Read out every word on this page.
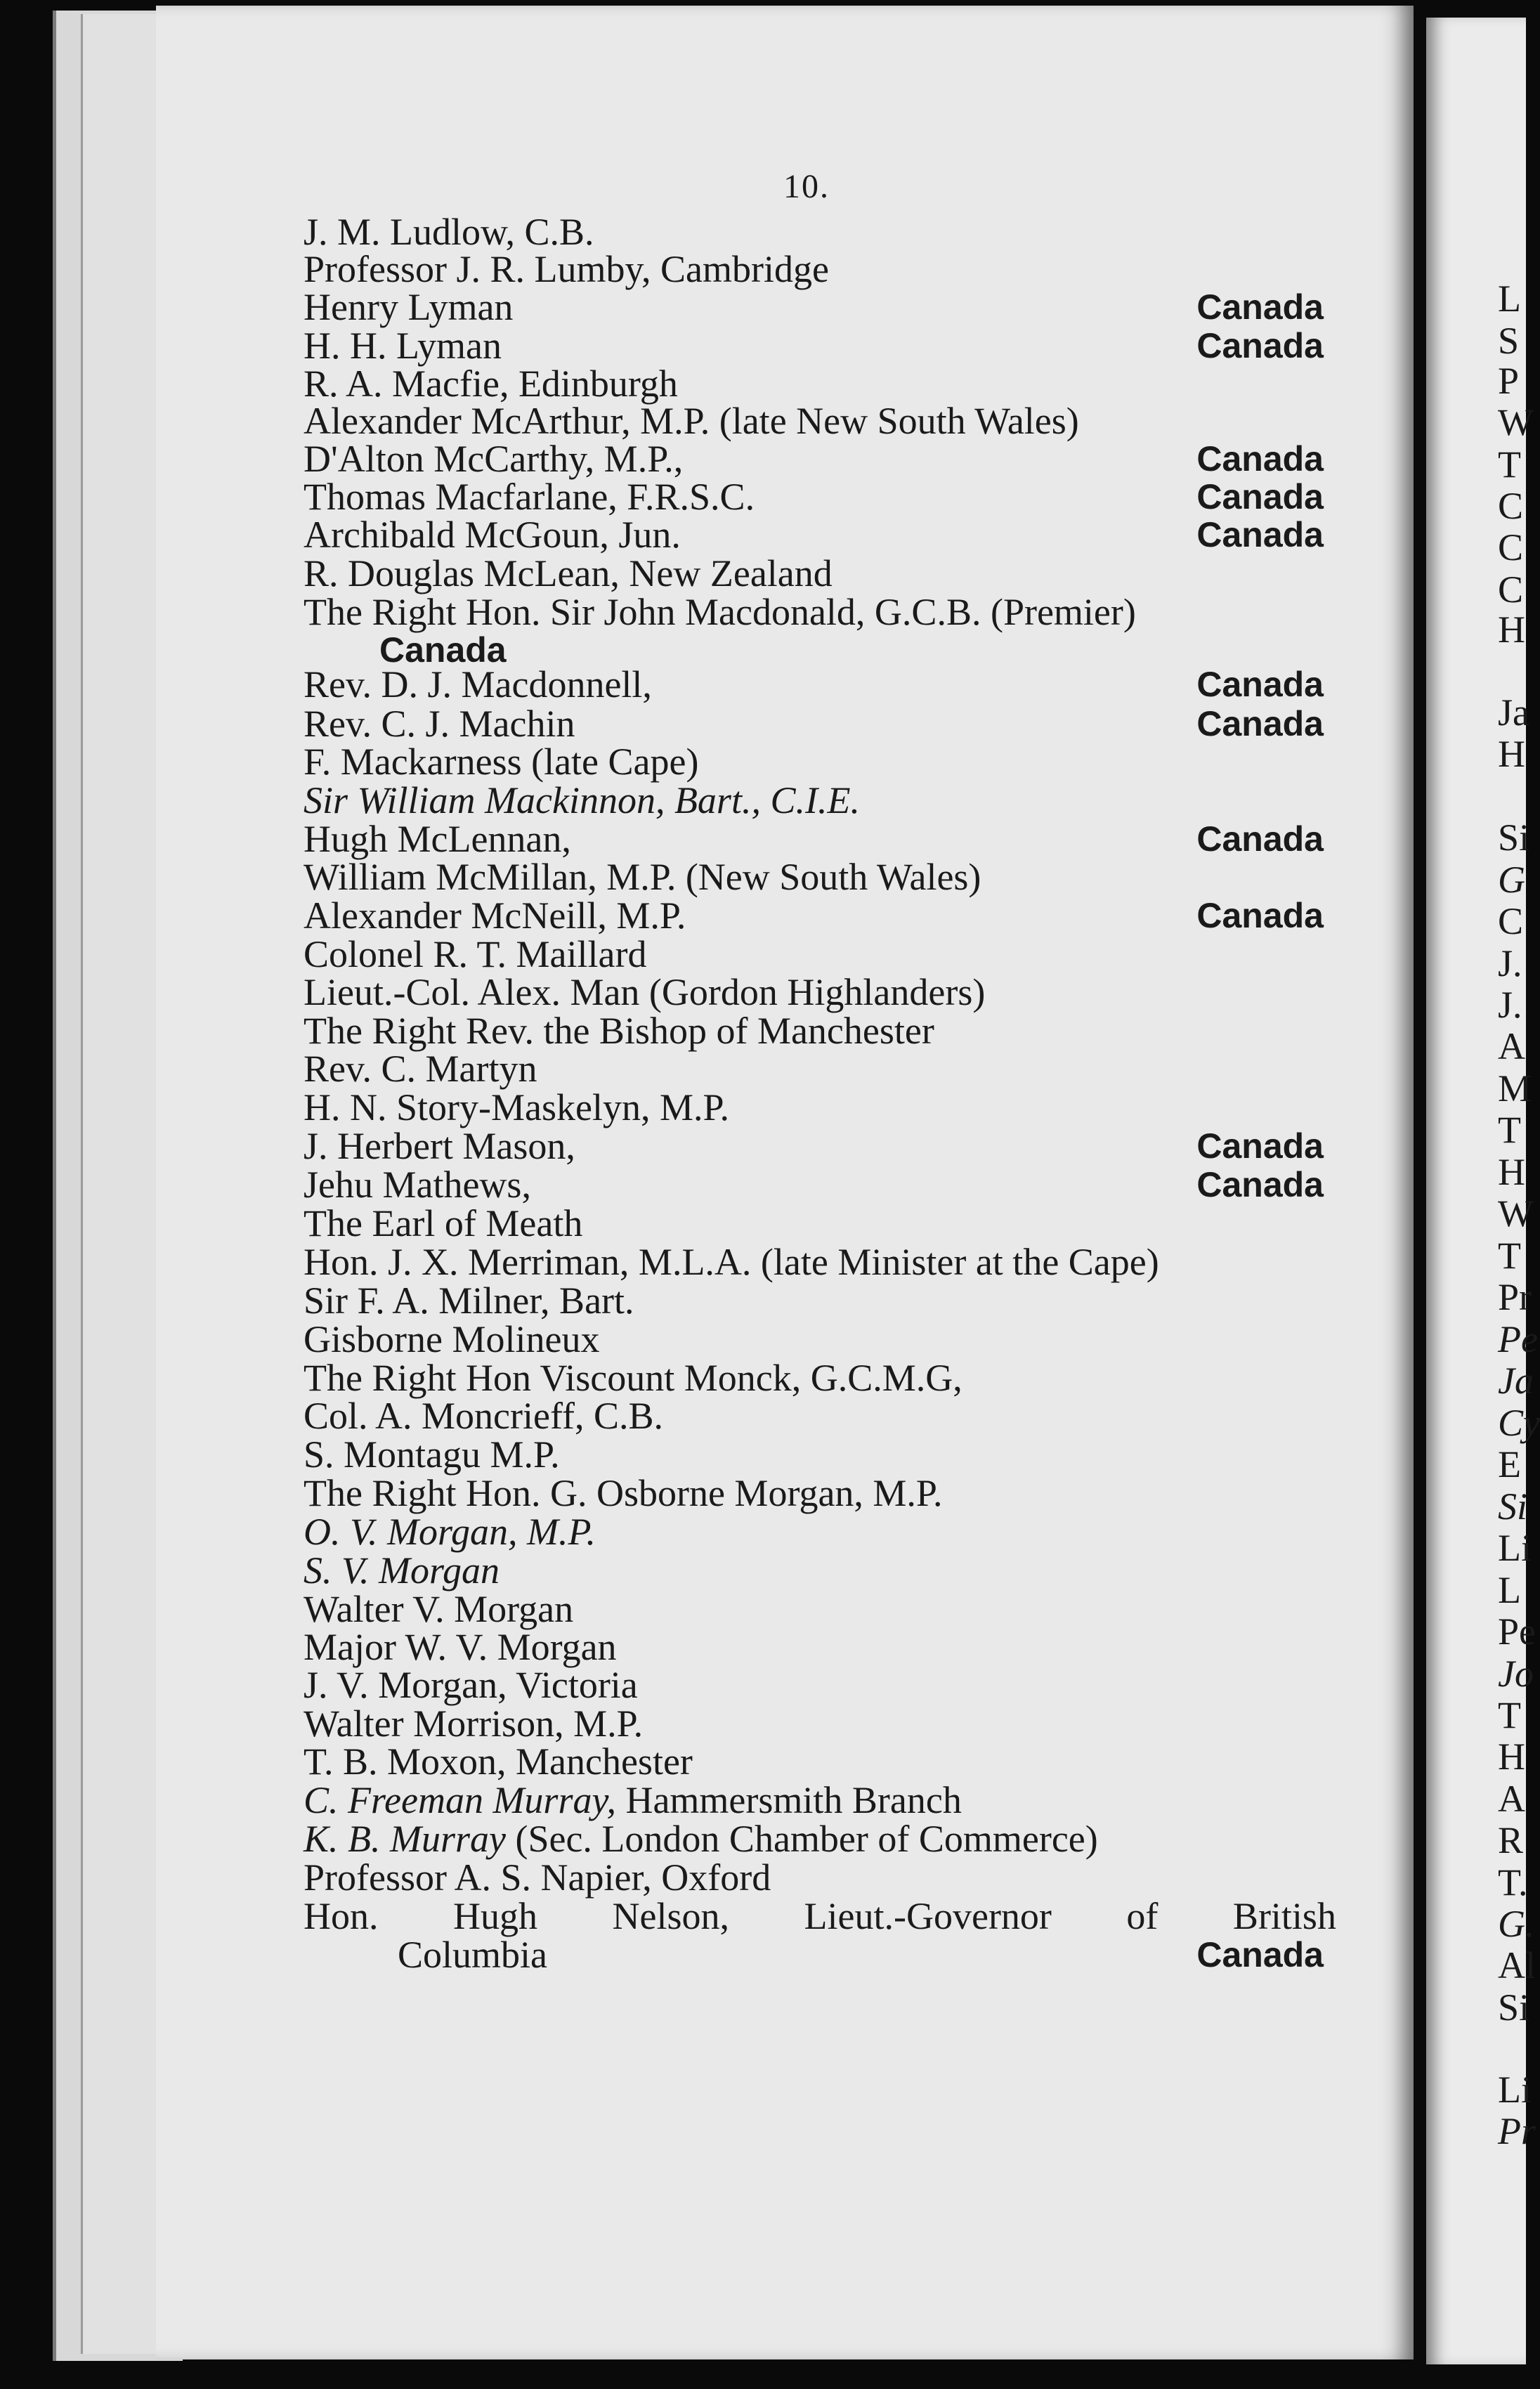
10.
J. M. Ludlow, C.B.
Professor J. R. Lumby, Cambridge
Henry Lyman	Canada
H. H. Lyman	Canada
R. A. Macfie, Edinburgh
Alexander McArthur, M.P. (late New South Wales)
D'Alton McCarthy, M.P.,	Canada
Thomas Macfarlane, F.R.S.C.	Canada
Archibald McGoun, Jun.	Canada
R. Douglas McLean, New Zealand
The Right Hon. Sir John Macdonald, G.C.B. (Premier)
Canada
Rev. D. J. Macdonnell,	Canada
Rev. C. J. Machin	Canada
F. Mackarness (late Cape)
Sir William Mackinnon, Bart., C.I.E.
Hugh McLennan,	Canada
William McMillan, M.P. (New South Wales)
Alexander McNeill, M.P.	Canada
Colonel R. T. Maillard
Lieut.-Col. Alex. Man (Gordon Highlanders)
The Right Rev. the Bishop of Manchester
Rev. C. Martyn
H. N. Story-Maskelyn, M.P.
J. Herbert Mason,	Canada
Jehu Mathews,	Canada
The Earl of Meath
Hon. J. X. Merriman, M.L.A. (late Minister at the Cape)
Sir F. A. Milner, Bart.
Gisborne Molineux
The Right Hon Viscount Monck, G.C.M.G,
Col. A. Moncrieff, C.B.
S. Montagu M.P.
The Right Hon. G. Osborne Morgan, M.P.
O. V. Morgan, M.P.
S. V. Morgan
Walter V. Morgan
Major W. V. Morgan
J. V. Morgan, Victoria
Walter Morrison, M.P.
T. B. Moxon, Manchester
C. Freeman Murray, Hammersmith Branch
K. B. Murray (Sec. London Chamber of Commerce)
Professor A. S. Napier, Oxford
Hon. Hugh Nelson, Lieut.-Governor of British
Columbia	Canada
L
S
P
W
T
C
C
C
H
Ja
H
Si
G
C
J.
J.
A
M
T
H
W
T
Pr
Pe
Ja
Cy
E
Si
Li
L
Pe
Jo
T
H
A
R
T.
G.
Al
Si
Li
Pr
